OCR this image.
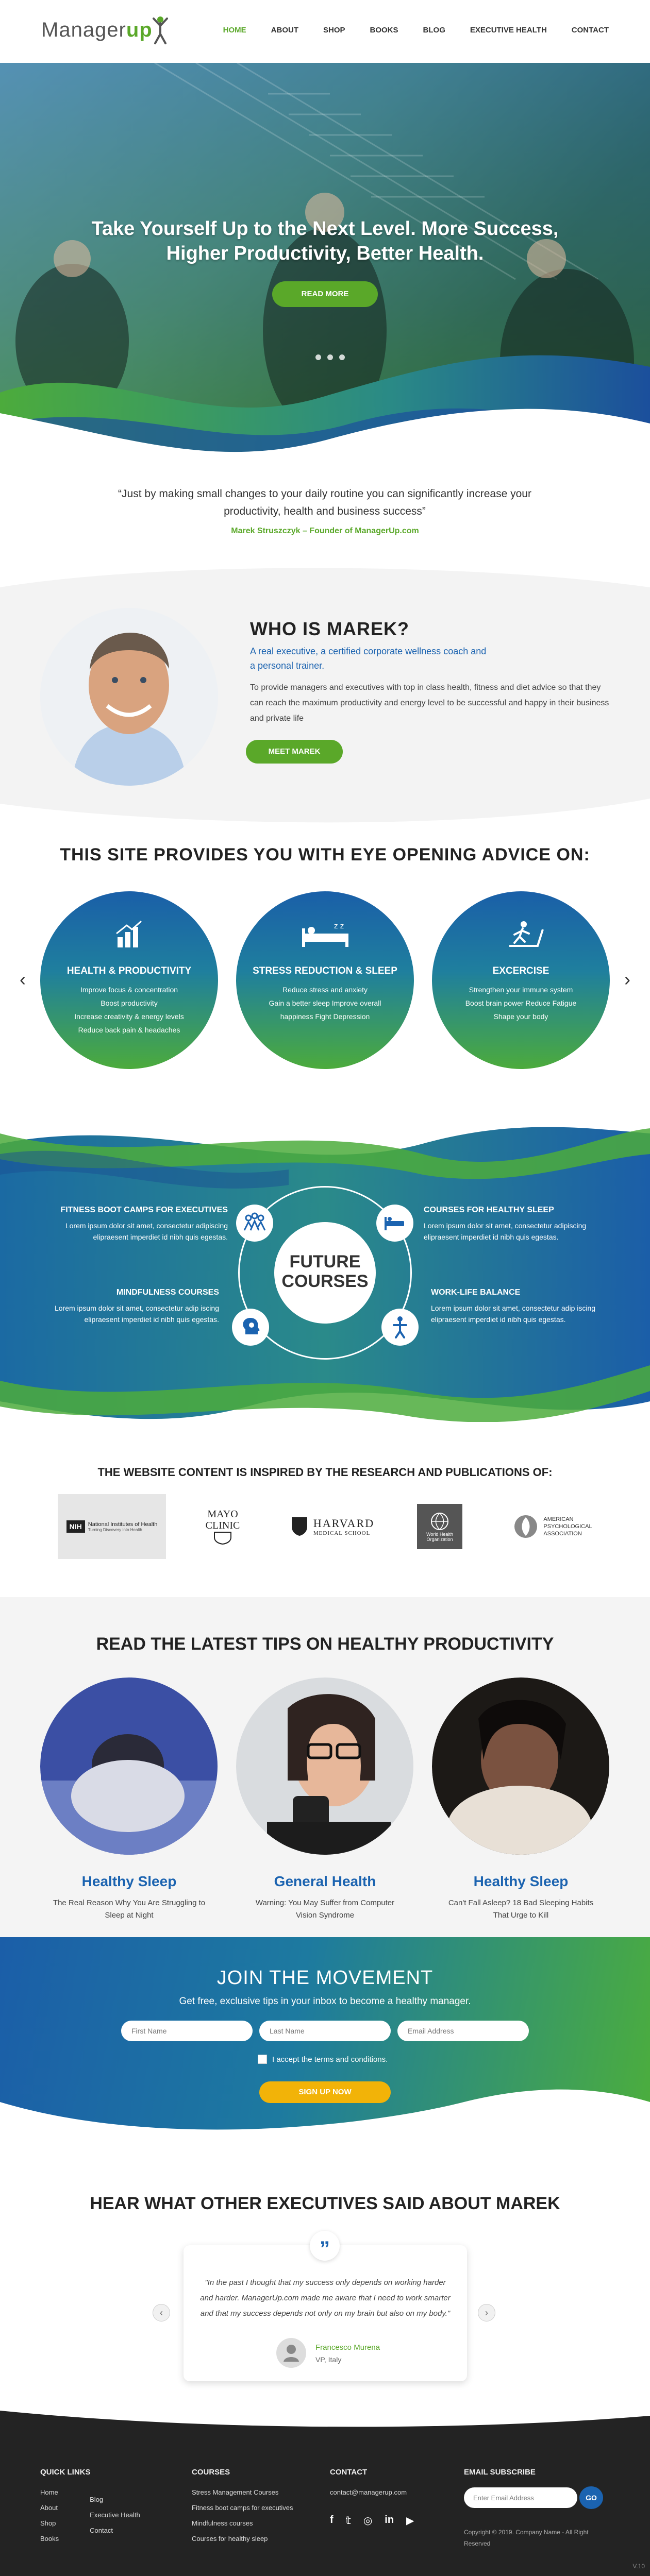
Managerup	HOME	ABOUT	SHOP	BOOKS	BLOG	EXECUTIVE HEALTH	CONTACT
Take Yourself Up to the Next Level. More Success,
Higher Productivity, Better Health.
READ MORE
“Just by making small changes to your daily routine you can significantly increase your productivity, health and business success”
Marek Struszczyk – Founder of ManagerUp.com
WHO IS MAREK?
A real executive, a certified corporate wellness coach and a personal trainer.
To provide managers and executives with top in class health, fitness and diet advice so that they can reach the maximum productivity and energy level to be successful and happy in their business and private life
MEET MAREK
THIS SITE PROVIDES YOU WITH EYE OPENING ADVICE ON:
‹	›
HEALTH & PRODUCTIVITY
Improve focus & concentration
Boost productivity
Increase creativity & energy levels
Reduce back pain & headaches
z z
STRESS REDUCTION & SLEEP
Reduce stress and anxiety
Gain a better sleep Improve overall
happiness Fight Depression
EXCERCISE
Strengthen your immune system
Boost brain power Reduce Fatigue
Shape your body
FUTURE
COURSES
FITNESS BOOT CAMPS FOR EXECUTIVES

Lorem ipsum dolor sit amet, consectetur adipiscing elipraesent imperdiet id nibh quis egestas.

COURSES FOR HEALTHY SLEEP

Lorem ipsum dolor sit amet, consectetur adipiscing elipraesent imperdiet id nibh quis egestas.

MINDFULNESS COURSES

Lorem ipsum dolor sit amet, consectetur adip iscing elipraesent imperdiet id nibh quis egestas.

WORK-LIFE BALANCE

Lorem ipsum dolor sit amet, consectetur adip iscing elipraesent imperdiet id nibh quis egestas.

THE WEBSITE CONTENT IS INSPIRED BY THE RESEARCH AND PUBLICATIONS OF:
NIH	National Institutes of Health
Turning Discovery Into Health
MAYO
CLINIC	HARVARD
MEDICAL SCHOOL	World Health
Organization
AMERICAN
PSYCHOLOGICAL
ASSOCIATION
READ THE LATEST TIPS ON HEALTHY PRODUCTIVITY
Healthy Sleep

The Real Reason Why You Are Struggling to Sleep at Night

General Health

Warning: You May Suffer from Computer Vision Syndrome

Healthy Sleep

Can't Fall Asleep? 18 Bad Sleeping Habits That Urge to Kill

JOIN THE MOVEMENT
Get free, exclusive tips in your inbox to become a healthy manager.
First Name
Last Name
Email Address
I accept the terms and conditions.
SIGN UP NOW
HEAR WHAT OTHER EXECUTIVES SAID ABOUT MAREK
‹	›
"In the past I thought that my success only depends on working harder and harder. ManagerUp.com made me aware that I need to work smarter and that my success depends not only on my brain but also on my body."
Francesco Murena
VP, Italy
”
QUICK LINKS
Home
About
Shop
Books
Blog
Executive Health
Contact
COURSES
Stress Management Courses
Fitness boot camps for executives
Mindfulness courses
Courses for healthy sleep
CONTACT
contact@managerup.com
f 𝕥 ◎ in ▶
EMAIL SUBSCRIBE
Enter Email Address
GO
Copyright © 2019. Company Name - All Right Reserved
V.10
